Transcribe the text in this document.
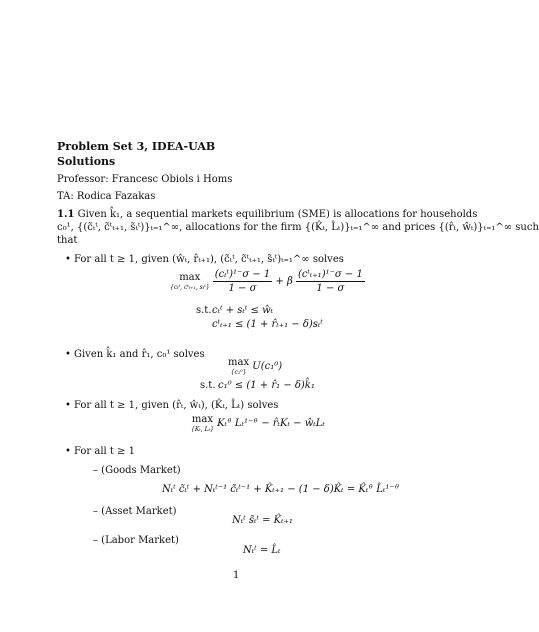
Problem Set 3, IDEA-UAB
Solutions
Professor: Francesc Obiols i Homs
TA: Rodica Fazakas
1.1 Given k̂₁, a sequential markets equilibrium (SME) is allocations for households
c₀¹, {(c̃ₜᵗ, c̃ᵗₜ₊₁, s̃ₜᵗ)}ₜ₌₁^∞, allocations for the firm {(K̂ₜ, L̂ₜ)}ₜ₌₁^∞ and prices {(r̂ₜ, ŵₜ)}ₜ₌₁^∞ such
that
• For all t ≥ 1, given (ŵₜ, r̂ₜ₊₁), (c̃ₜᵗ, c̃ᵗₜ₊₁, s̃ₜᵗ)ₜ₌₁^∞ solves
max
{cₜᵗ, cᵗₜ₊₁, sₜᵗ}
$\frac{\text{(cₜᵗ)¹⁻σ − 1}}{1 - \sigma} + \beta \frac{\text{(cᵗₜ₊₁)¹⁻σ − 1}}{1 - \sigma}$
s.t. cₜᵗ + sₜᵗ ≤ ŵₜ
cᵗₜ₊₁ ≤ (1 + r̂ₜ₊₁ − δ)sₜᵗ
• Given k̂₁ and r̂₁, c₀¹ solves
max
{c₁⁰}
U(c₁⁰)
s.t. c₁⁰ ≤ (1 + r̂₁ − δ)k̂₁
• For all t ≥ 1, given (r̂ₜ, ŵₜ), (K̂ₜ, L̂ₜ) solves
max
{Kₜ, Lₜ}
Kₜᶿ Lₜ¹⁻ᶿ − r̂ₜKₜ − ŵₜLₜ
• For all t ≥ 1
– (Goods Market)
Nₜᵗ c̃ₜᵗ + Nₜᵗ⁻¹ c̃ₜᵗ⁻¹ + K̂ₜ₊₁ − (1 − δ)K̂ₜ = K̂ₜᶿ L̂ₜ¹⁻ᶿ
– (Asset Market)
Nₜᵗ s̃ₜᵗ = K̂ₜ₊₁
– (Labor Market)
Nₜᵗ = L̂ₜ
1
